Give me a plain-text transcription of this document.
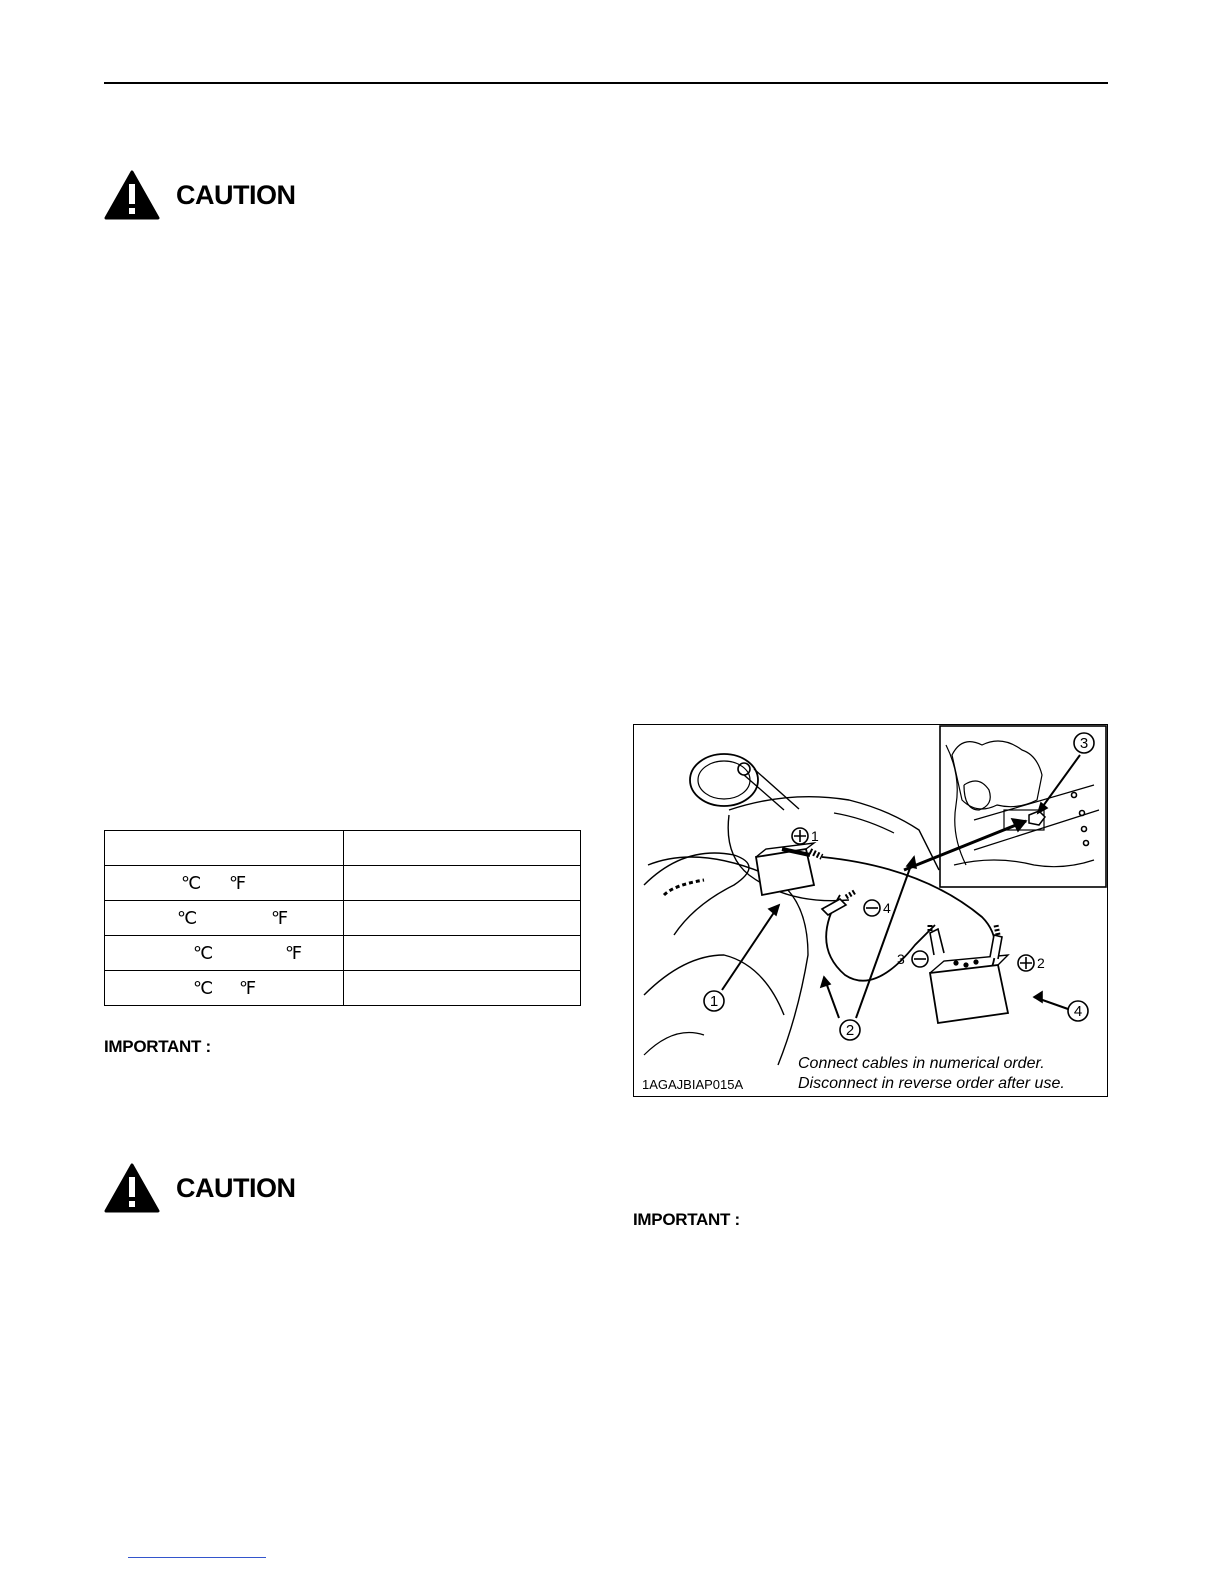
CAUTION

℃ ℉	

℃ ℉	

℃ ℉	

℃ ℉	

IMPORTANT :
CAUTION
1
2
3
4
1
4
3	2
1AGAJBIAP015A
Connect cables in numerical order.
Disconnect in reverse order after use.
IMPORTANT :
